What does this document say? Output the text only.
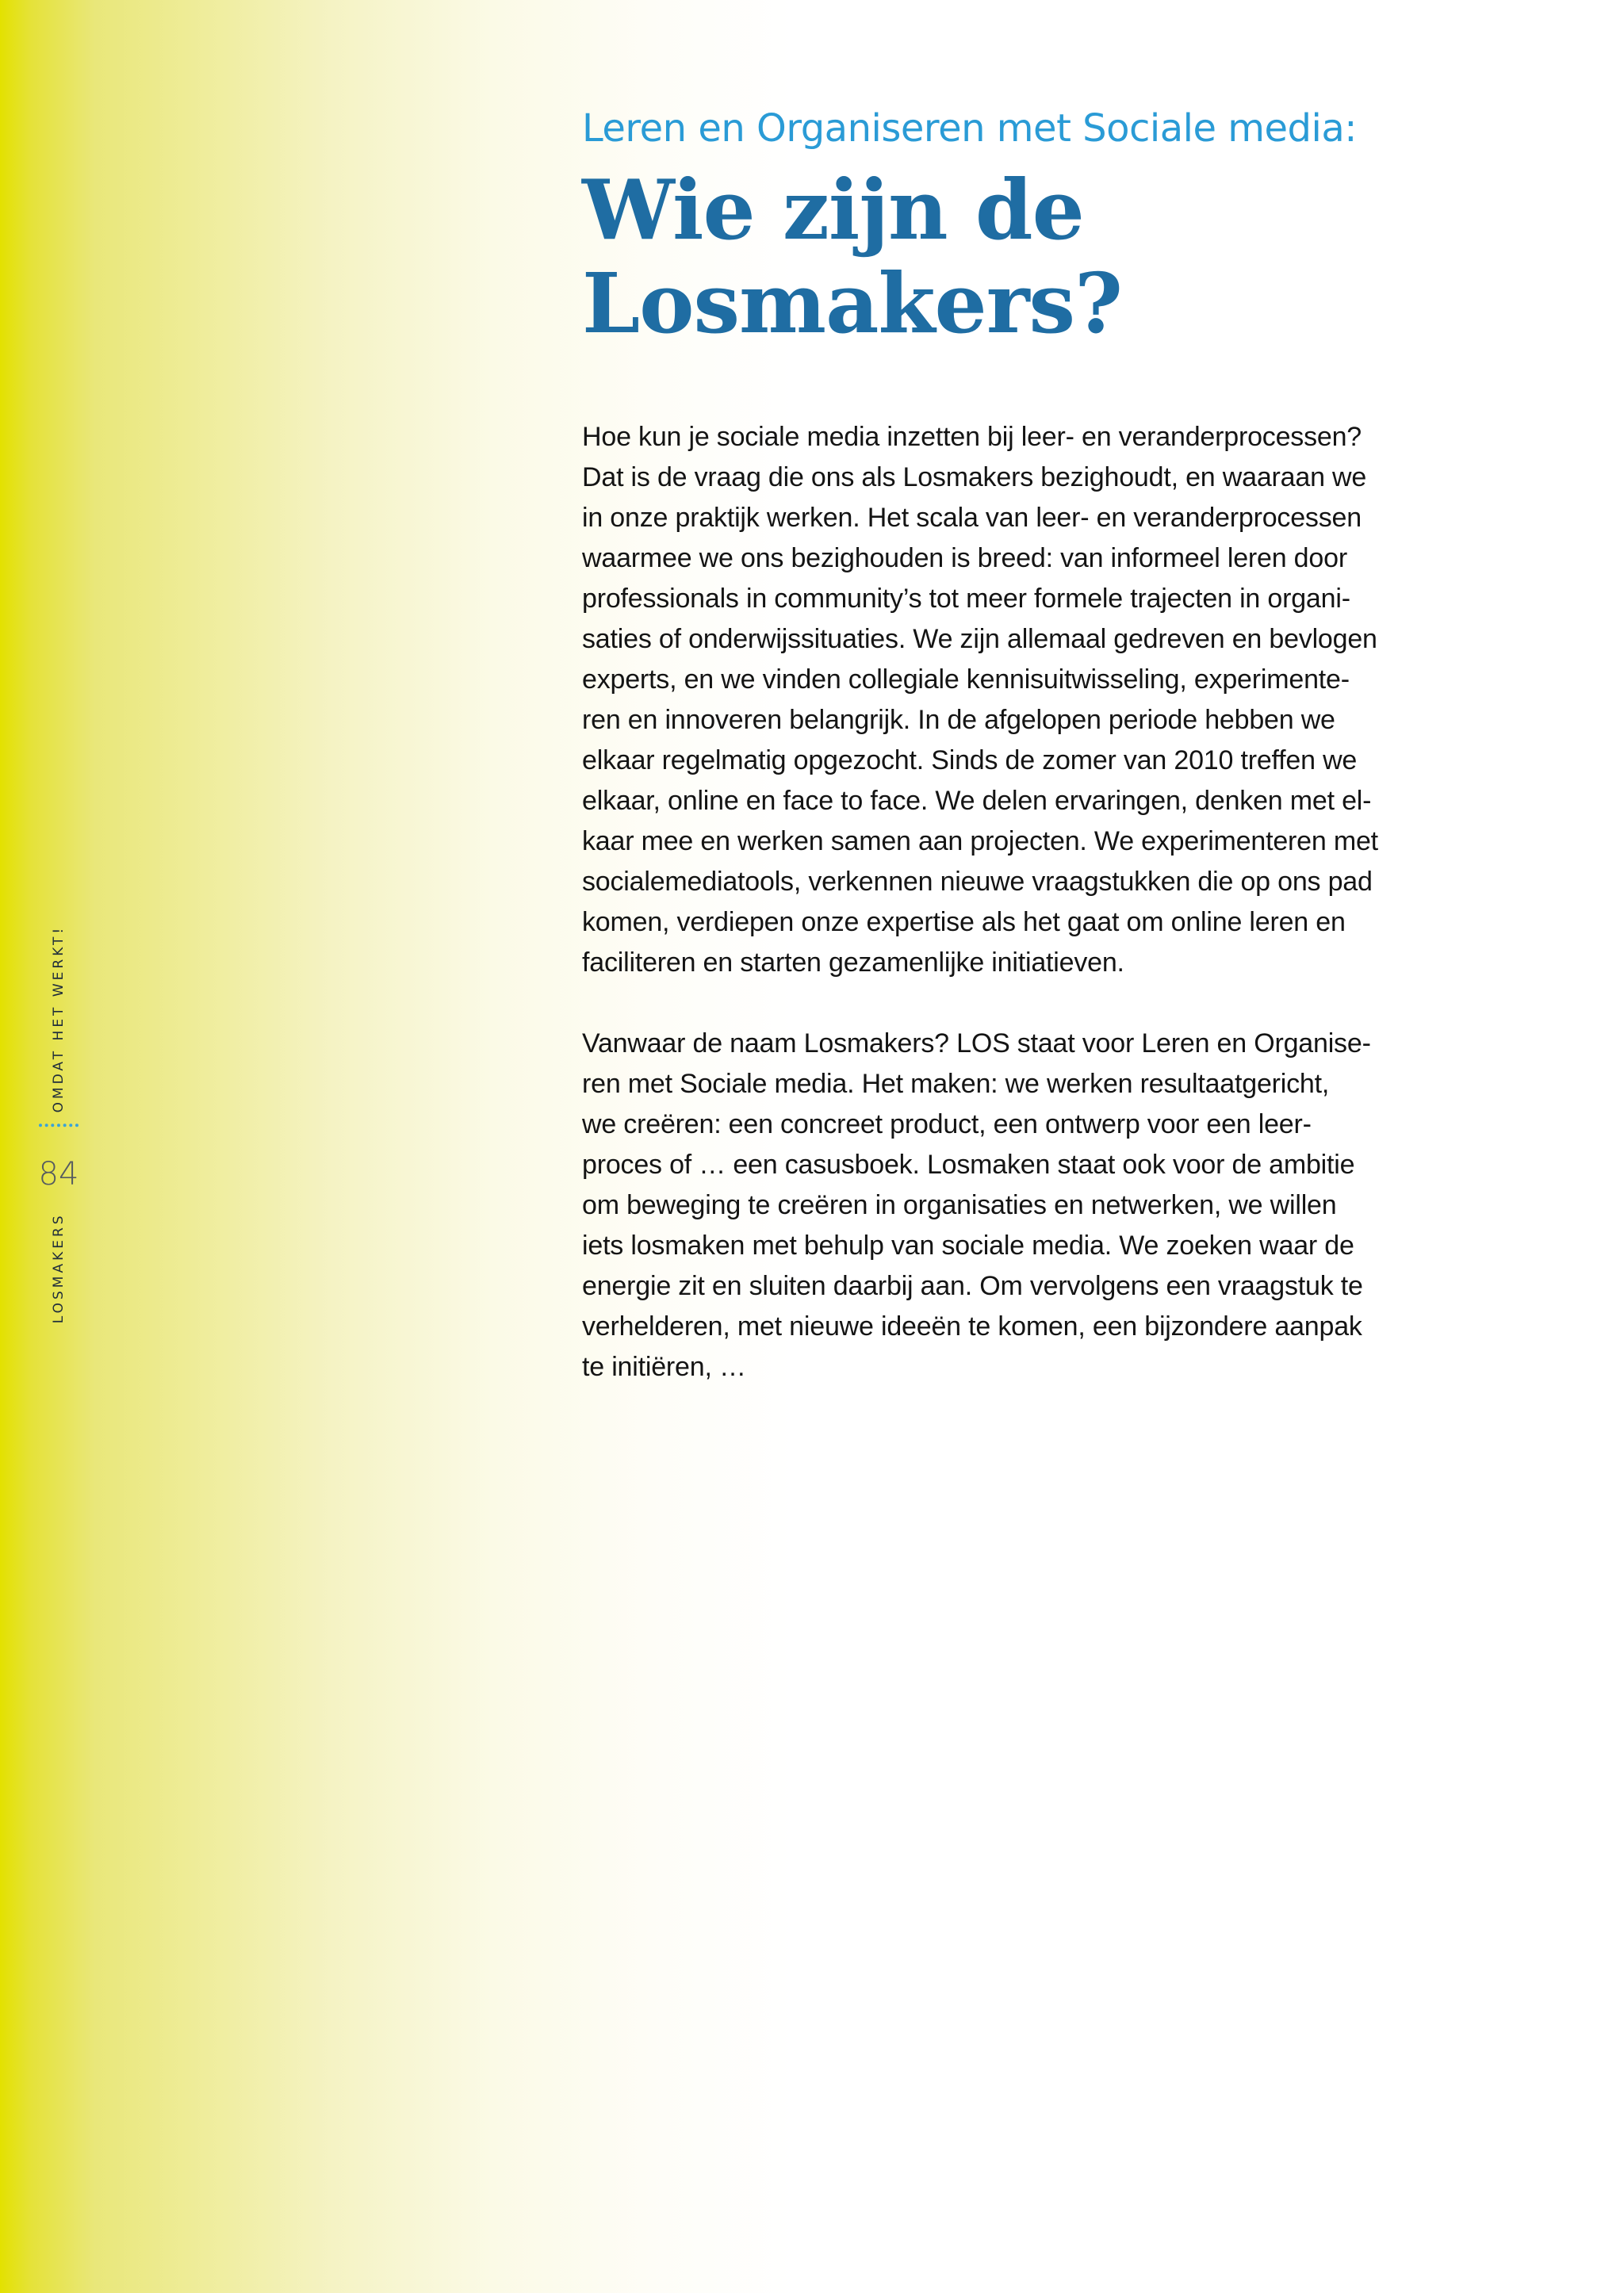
LOSMAKERS
84
OMDAT HET WERKT!
Leren en Organiseren met Sociale media:
Wie zijn de
Losmakers?
Hoe kun je sociale media inzetten bij leer- en veranderprocessen?
Dat is de vraag die ons als Losmakers bezighoudt, en waaraan we
in onze praktijk werken. Het scala van leer- en veranderprocessen
waarmee we ons bezighouden is breed: van informeel leren door
professionals in community’s tot meer formele trajecten in organi-
saties of onderwijssituaties. We zijn allemaal gedreven en bevlogen
experts, en we vinden collegiale kennisuitwisseling, experimente-
ren en innoveren belangrijk. In de afgelopen periode hebben we
elkaar regelmatig opgezocht. Sinds de zomer van 2010 treffen we
elkaar, online en face to face. We delen ervaringen, denken met el-
kaar mee en werken samen aan projecten. We experimenteren met
socialemediatools, verkennen nieuwe vraagstukken die op ons pad
komen, verdiepen onze expertise als het gaat om online leren en
faciliteren en starten gezamenlijke initiatieven.
Vanwaar de naam Losmakers? LOS staat voor Leren en Organise-
ren met Sociale media. Het maken: we werken resultaatgericht,
we creëren: een concreet product, een ontwerp voor een leer-
proces of … een casusboek. Losmaken staat ook voor de ambitie
om beweging te creëren in organisaties en netwerken, we willen
iets losmaken met behulp van sociale media. We zoeken waar de
energie zit en sluiten daarbij aan. Om vervolgens een vraagstuk te
verhelderen, met nieuwe ideeën te komen, een bijzondere aanpak
te initiëren, …
